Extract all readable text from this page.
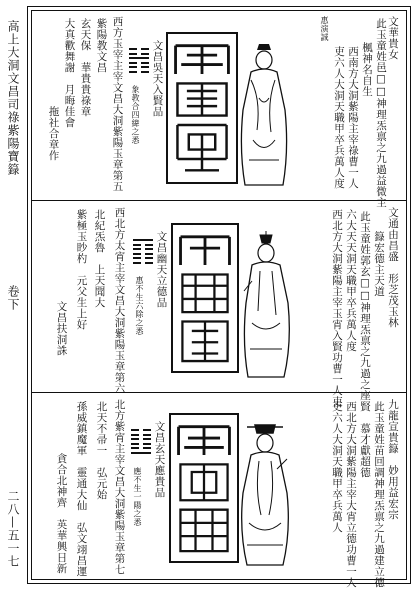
高上大洞文昌司祿紫陽寶籙
卷下
二八—五一七
文華貴女
此玉童姓邑□□神理炁禀之九過益微主
楓神名自生
西南方大洞紫陽主宰祿曹一人
吏六人大洞天職甲卒兵萬人度
惠演誠
文昌吳天入賢品
象教合四緯之悉
西方玉宰主宰文昌大洞紫陽玉章第五
紫陽教文昌
玄天保　華貴貴祿章
大真歡舞謝　月晦佳會
　　　　　　　　拖社合章作
文通由昌盛　形芝茂玉林
籙宏德主天道
此玉童姓郭玄□□神理炁禀之九過之座賢
六大天天洞天職甲卒兵萬人度
西北方大洞紫陽主宰玉宵入賢功曹一人吏
文昌幽天立德品
惠不生六除之悉
西北方太宵主宰文昌大洞紫陽玉章第六
北紀炁魯　上天聞大
紫極玉眇杓　元父生上好
文昌扶洞誅
九龍宣貴籙　妙用益宏宗
此玉童姓苗回調神理炁禀之九過建立德
慕才獻超德
西北方大洞紫陽主宰大宵立德功曹一人
吏六人大洞天職甲卒兵萬人
文昌玄天應貴品
應不生一陽之悉
北方紫宵主宰文昌大洞紫陽玉章第七
北天不帚一　弘元始
孫威鎮魔軍　靈通大仙　弘文翊昌運
貪合北神齊　英華興日新
